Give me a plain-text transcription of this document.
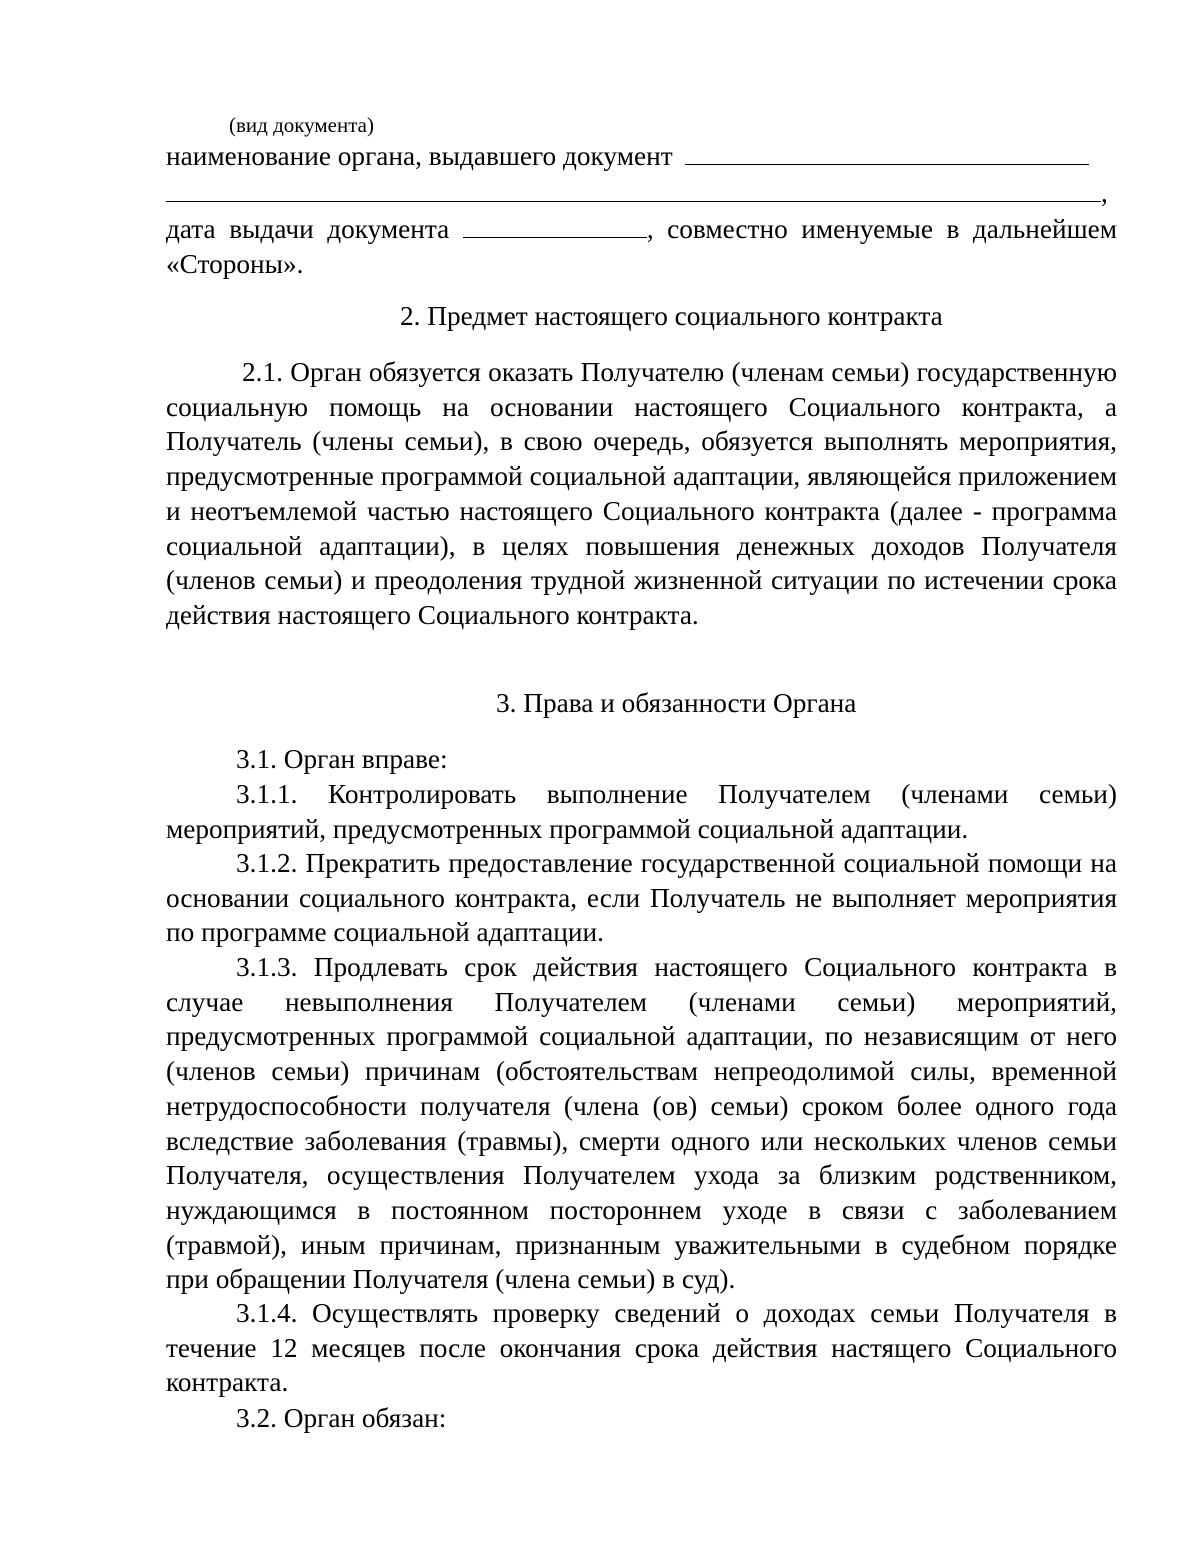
(вид документа)
наименование органа, выдавшего документ
,
дата выдачи документа	, совместно именуемые в дальнейшем «Стороны».
2. Предмет настоящего социального контракта
2.1. Орган обязуется оказать Получателю (членам семьи) государственную социальную помощь на основании настоящего Социального контракта, а Получатель (члены семьи), в свою очередь, обязуется выполнять мероприятия, предусмотренные программой социальной адаптации, являющейся приложением и неотъемлемой частью настоящего Социального контракта (далее - программа социальной адаптации), в целях повышения денежных доходов Получателя (членов семьи) и преодоления трудной жизненной ситуации по истечении срока действия настоящего Социального контракта.
3. Права и обязанности Органа
3.1. Орган вправе:
3.1.1. Контролировать выполнение Получателем (членами семьи) мероприятий, предусмотренных программой социальной адаптации.
3.1.2. Прекратить предоставление государственной социальной помощи на основании социального контракта, если Получатель не выполняет мероприятия по программе социальной адаптации.
3.1.3. Продлевать срок действия настоящего Социального контракта в случае невыполнения Получателем (членами семьи) мероприятий, предусмотренных программой социальной адаптации, по независящим от него (членов семьи) причинам (обстоятельствам непреодолимой силы, временной нетрудоспособности получателя (члена (ов) семьи) сроком более одного года вследствие заболевания (травмы), смерти одного или нескольких членов семьи Получателя, осуществления Получателем ухода за близким родственником, нуждающимся в постоянном постороннем уходе в связи с заболеванием (травмой), иным причинам, признанным уважительными в судебном порядке при обращении Получателя (члена семьи) в суд).
3.1.4. Осуществлять проверку сведений о доходах семьи Получателя в течение 12 месяцев после окончания срока действия настящего Социального контракта.
3.2. Орган обязан:
